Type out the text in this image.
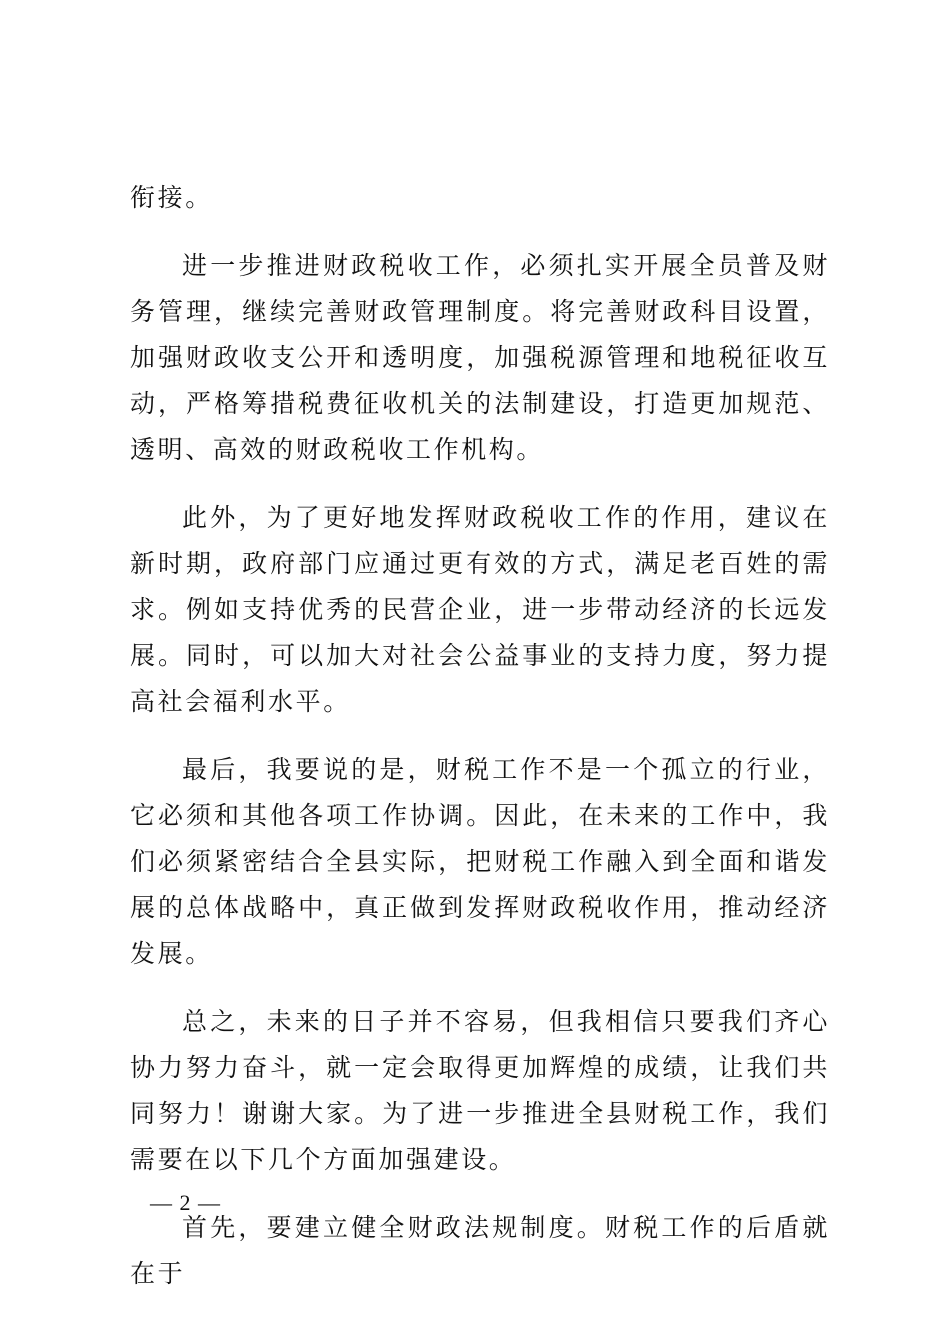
衔接。

进一步推进财政税收工作，必须扎实开展全员普及财务管理，继续完善财政管理制度。将完善财政科目设置，加强财政收支公开和透明度，加强税源管理和地税征收互动，严格筹措税费征收机关的法制建设，打造更加规范、透明、高效的财政税收工作机构。

此外，为了更好地发挥财政税收工作的作用，建议在新时期，政府部门应通过更有效的方式，满足老百姓的需求。例如支持优秀的民营企业，进一步带动经济的长远发展。同时，可以加大对社会公益事业的支持力度，努力提高社会福利水平。

最后，我要说的是，财税工作不是一个孤立的行业，它必须和其他各项工作协调。因此，在未来的工作中，我们必须紧密结合全县实际，把财税工作融入到全面和谐发展的总体战略中，真正做到发挥财政税收作用，推动经济发展。

总之，未来的日子并不容易，但我相信只要我们齐心协力努力奋斗，就一定会取得更加辉煌的成绩，让我们共同努力！谢谢大家。为了进一步推进全县财税工作，我们需要在以下几个方面加强建设。

首先，要建立健全财政法规制度。财税工作的后盾就在于

— 2 —
